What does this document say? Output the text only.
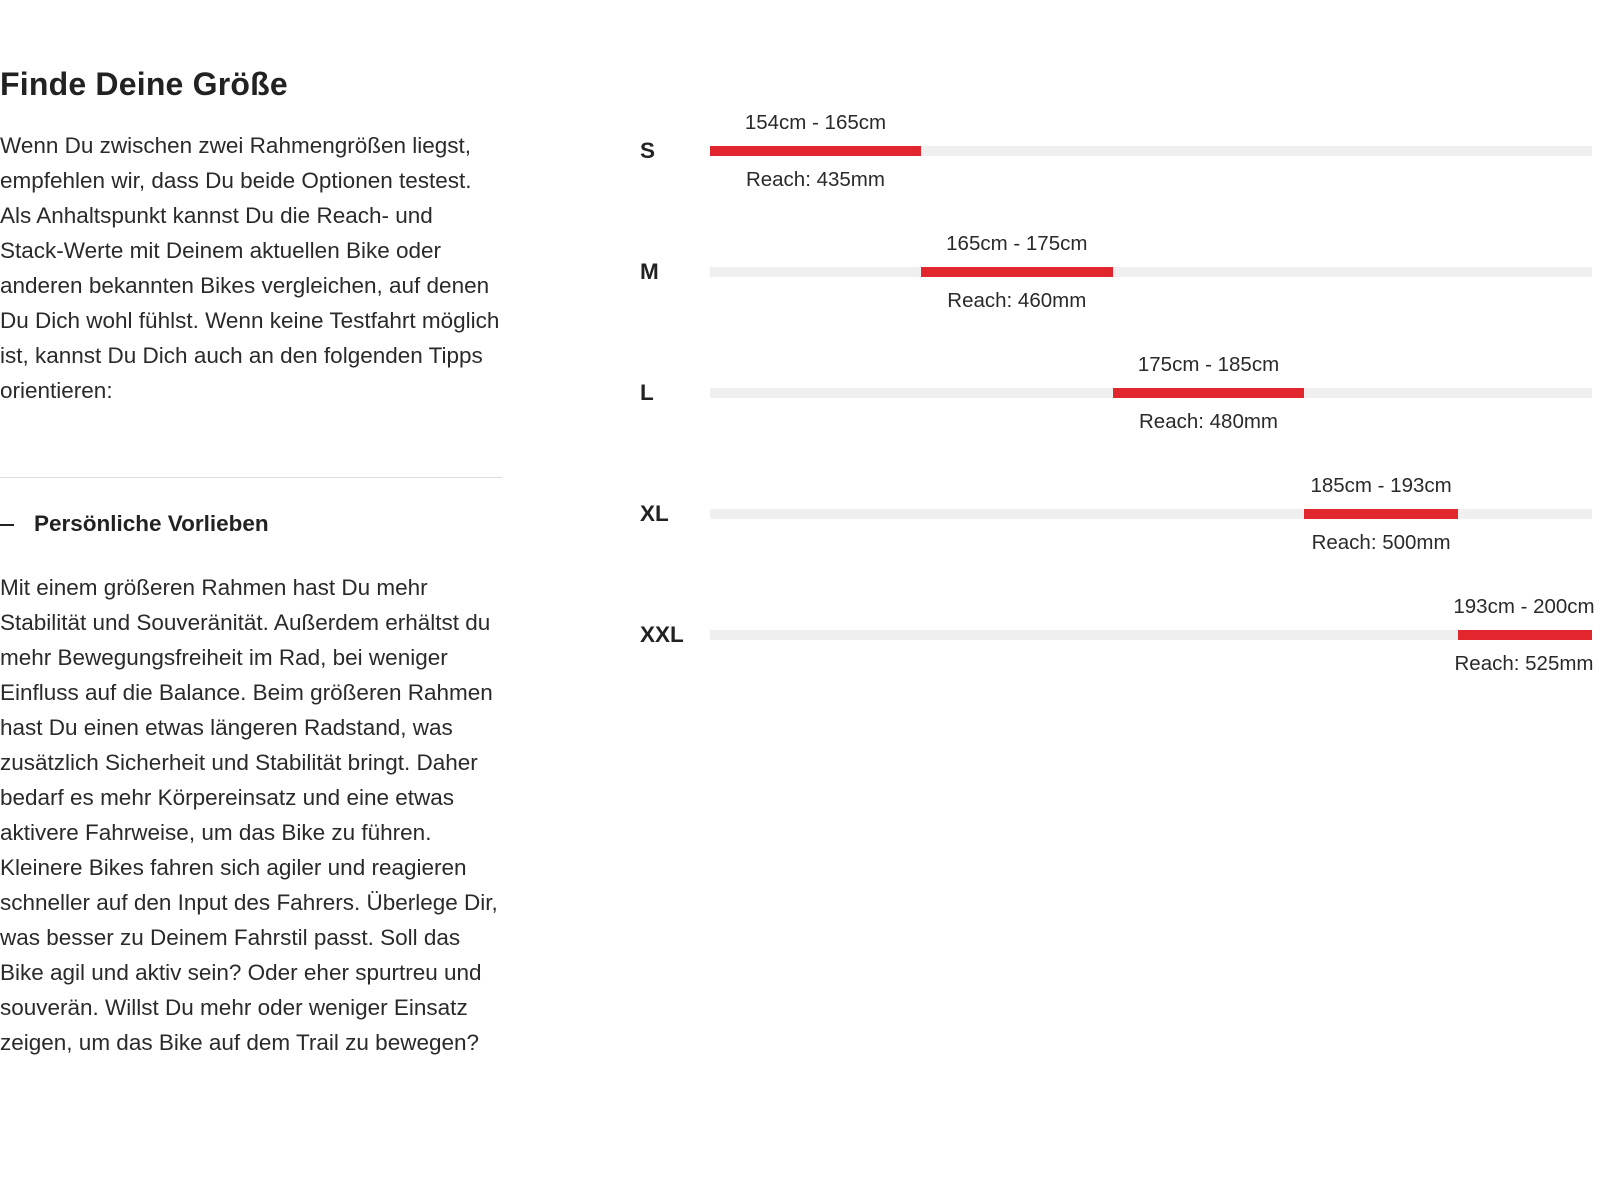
Finde Deine Größe

Wenn Du zwischen zwei Rahmengrößen liegst, empfehlen wir, dass Du beide Optionen testest. Als Anhaltspunkt kannst Du die Reach- und Stack-Werte mit Deinem aktuellen Bike oder anderen bekannten Bikes vergleichen, auf denen Du Dich wohl fühlst. Wenn keine Testfahrt möglich ist, kannst Du Dich auch an den folgenden Tipps orientieren:

Persönliche Vorlieben

Mit einem größeren Rahmen hast Du mehr Stabilität und Souveränität. Außerdem erhältst du mehr Bewegungsfreiheit im Rad, bei weniger Einfluss auf die Balance. Beim größeren Rahmen hast Du einen etwas längeren Radstand, was zusätzlich Sicherheit und Stabilität bringt. Daher bedarf es mehr Körpereinsatz und eine etwas aktivere Fahrweise, um das Bike zu führen. Kleinere Bikes fahren sich agiler und reagieren schneller auf den Input des Fahrers. Überlege Dir, was besser zu Deinem Fahrstil passt. Soll das Bike agil und aktiv sein? Oder eher spurtreu und souverän. Willst Du mehr oder weniger Einsatz zeigen, um das Bike auf dem Trail zu bewegen?

S
154cm - 165cm
Reach: 435mm
M
165cm - 175cm
Reach: 460mm
L
175cm - 185cm
Reach: 480mm
XL
185cm - 193cm
Reach: 500mm
XXL
193cm - 200cm
Reach: 525mm
